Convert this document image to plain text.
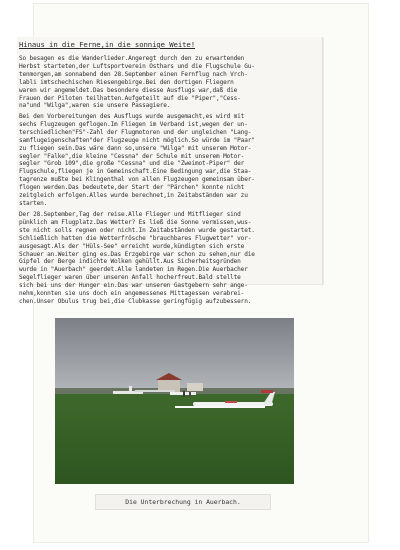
Hinaus in die Ferne,in die sonnige Weite!

So besagen es die Wanderlieder.Angeregt durch den zu erwartenden
Herbst starteten,der Luftsportverein Osthars und die Flugschule Gu-
tenmorgen,am sonnabend den 28.September einen Fernflug nach Vrch-
labli imtschechischen Riesengebirge.Bei den dortigen Fliegern
waren wir angemeldet.Das besondere diesse Ausflugs war,daß die
Frauen der Piloten teilhatten.Aufgeteilt auf die "Piper","Cess-
na"und "Wilga",waren sie unsere Passagiere.

Bei den Vorbereitungen des Ausflugs wurde ausgemacht,es wird mit
sechs Flugzeugen geflogen.Im Fliegen im Verband ist,wegen der un-
terschiedlichen"FS"-Zahl der Flugmotoren und der ungleichen "Lang-
samflugeigenschaften"der Flugzeuge nicht möglich.So würde im "Paar"
zu fliegen sein.Das wäre dann so,unsere "Wilga" mit unserem Motor-
segler "Falke",die kleine "Cessna" der Schule mit unserem Motor-
segler "Grob 109",die große "Cessna" und die "Zweimot-Piper" der
Flugschule,fliegen je in Gemeinschaft.Eine Bedingung war,die Staa-
tagrenze mußte bei Klingenthal von allen Flugzeugen gemeinsam über-
flogen werden.Das bedeutete,der Start der "Pärchen" konnte nicht
zeitgleich erfolgen.Alles wurde berechnet,in Zeitabständen war zu
starten.

Der 28.September,Tag der reise.Alle Flieger und Mitflieger sind
pünklich am Flugplatz.Das Wetter? Es ließ die Sonne vermissen,wus-
ste nicht solls regnen oder nicht.In Zeitabständen wurde gestartet.
Schließlich hatten die Wetterfrösche "brauchbares Flugwetter" vor-
ausgesagt.Als der "Hüls-See" erreicht wurde,kündigten sich erste
Schauer an.Weiter ging es.Das Erzgebirge war schon zu sehen,nur die
Gipfel der Berge indichte Wolken gehüllt.Aus Sicherheitsgründen
wurde in "Auerbach" geerdet.Alle landeten im Regen.Die Auerbacher
Segelflieger waren über unseren Anfall hocherfreut.Bald stellte
sich bei uns der Hunger ein.Das war unseren Gastgebern sehr ange-
nehm,konnten sie uns doch ein angemessenes Mittagessen verabrei-
chen.Unser Obulus trug bei,die Clubkasse geringfügig aufzubessern.

Die Unterbrechung in Auerbach.
